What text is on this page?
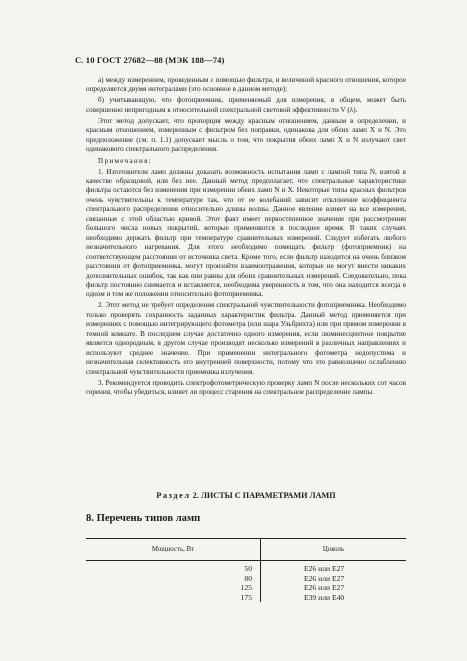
С. 10 ГОСТ 27682—88 (МЭК 188—74)

а) между измерением, проведенным с помощью фильтра, и величиной красного отношения, которое определяется двумя интегралами (это основное в данном методе);

б) учитывающую, что фотоприемник, применяемый для измерения, в общем, может быть совершенно непригодным к относительной спектральной световой эффективности V (λ).

Этот метод допускает, что пропорция между красным отношением, данным в определении, и красным отношением, измеренным с фильтром без поправки, одинакова для обеих ламп X и N. Это предположение (см. п. 1.1) допускает мысль о том, что покрытия обеих ламп X и N излучают свет одинакового спектрального распределения.

Примечания:

1. Изготовители ламп должны доказать возможность испытания ламп с лампой типа N, взятой в качестве образцовой, или без нее. Данный метод предполагает, что спектральные характеристики фильтра остаются без изменения при измерении обеих ламп N и X. Некоторые типы красных фильтров очень чувствительны к температуре так, что от ее колебаний зависит отклонение коэффициента спектрального распределения относительно длины волны. Данное явление влияет на все измерения, связанные с этой областью кривой. Этот факт имеет первостепенное значение при рассмотрении большого числа новых покрытий, которые применяются в последнее время. В таких случаях необходимо держать фильтр при температуре сравнительных измерений. Следует избегать любого незначительного нагревания. Для этого необходимо помещать фильтр (фотоприемник) на соответствующем расстоянии от источника света. Кроме того, если фильтр находится на очень близком расстоянии от фотоприемника, могут произойти взаимоотражения, которые не могут внести никаких дополнительных ошибок, так как они равны для обоих сравнительных измерений. Следовательно, пока фильтр постоянно снимается и вставляется, необходима уверенность в том, что она находится всегда в одном и том же положении относительно фотоприемника.

2. Этот метод не требует определения спектральной чувствительности фотоприемника. Необходимо только проверять сохранность заданных характеристик фильтра. Данный метод применяется при измерениях с помощью интегрирующего фотометра (или шара Ульбрихта) или при прямом измерении в темной комнате. В последнем случае достаточно одного измерения, если люминесцентное покрытие является однородным, в другом случае производят несколько измерений в различных направлениях и используют среднее значение. При применении интегрального фотометра недопустима и незначительная селективность его внутренней поверхности, потому что это равнозначно ослаблению спектральной чувствительности приемника излучения.

3. Рекомендуется проводить спектрофотометрическую проверку ламп N после нескольких сот часов горения, чтобы убедиться, влияет ли процесс старения на спектральное распределение лампы.

Раздел 2. ЛИСТЫ С ПАРАМЕТРАМИ ЛАМП
8. Перечень типов ламп
Мощность, Вт	Цоколь
50	E26 или E27
80	E26 или E27
125	E26 или E27
175	E39 или E40
